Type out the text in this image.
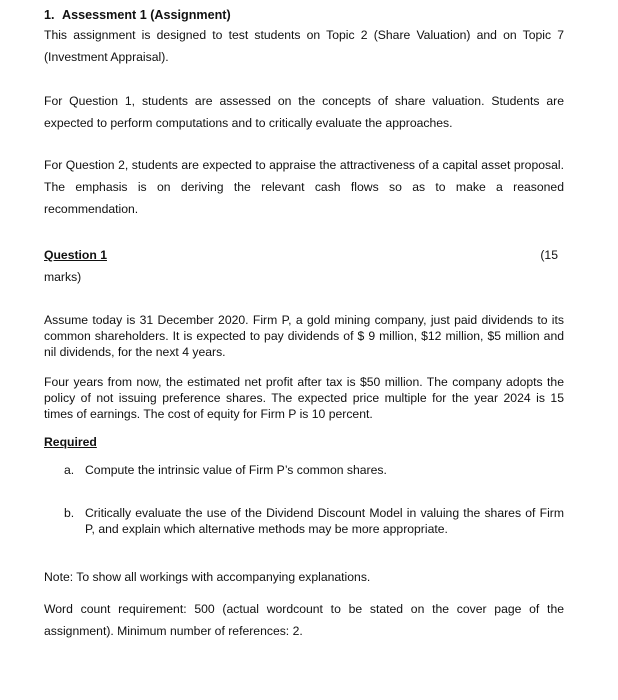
1. Assessment 1 (Assignment)
This assignment is designed to test students on Topic 2 (Share Valuation) and on Topic 7 (Investment Appraisal).
For Question 1, students are assessed on the concepts of share valuation. Students are expected to perform computations and to critically evaluate the approaches.
For Question 2, students are expected to appraise the attractiveness of a capital asset proposal. The emphasis is on deriving the relevant cash flows so as to make a reasoned recommendation.
Question 1	(15
marks)
Assume today is 31 December 2020. Firm P, a gold mining company, just paid dividends to its common shareholders. It is expected to pay dividends of $ 9 million, $12 million, $5 million and nil dividends, for the next 4 years.
Four years from now, the estimated net profit after tax is $50 million. The company adopts the policy of not issuing preference shares. The expected price multiple for the year 2024 is 15 times of earnings. The cost of equity for Firm P is 10 percent.
Required
a. Compute the intrinsic value of Firm P’s common shares.
b. Critically evaluate the use of the Dividend Discount Model in valuing the shares of Firm P, and explain which alternative methods may be more appropriate.
Note: To show all workings with accompanying explanations.
Word count requirement: 500 (actual wordcount to be stated on the cover page of the assignment). Minimum number of references: 2.
